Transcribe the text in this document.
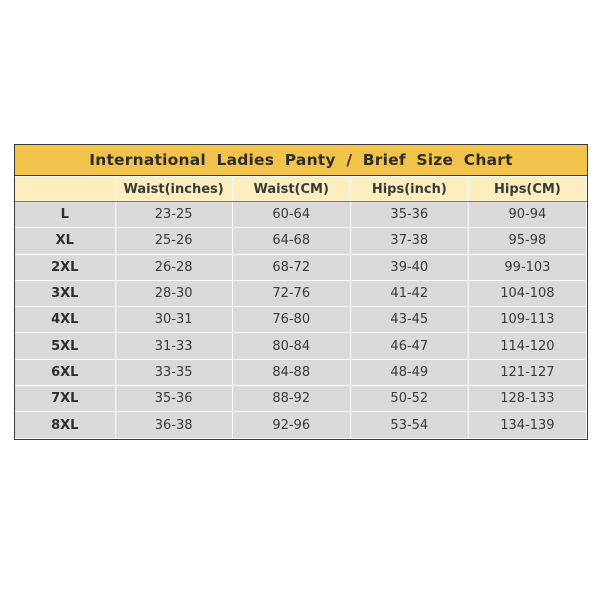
International Ladies Panty / Brief Size Chart
	Waist(inches)	Waist(CM)	Hips(inch)	Hips(CM)
L	23-25	60-64	35-36	90-94
XL	25-26	64-68	37-38	95-98
2XL	26-28	68-72	39-40	99-103
3XL	28-30	72-76	41-42	104-108
4XL	30-31	76-80	43-45	109-113
5XL	31-33	80-84	46-47	114-120
6XL	33-35	84-88	48-49	121-127
7XL	35-36	88-92	50-52	128-133
8XL	36-38	92-96	53-54	134-139
